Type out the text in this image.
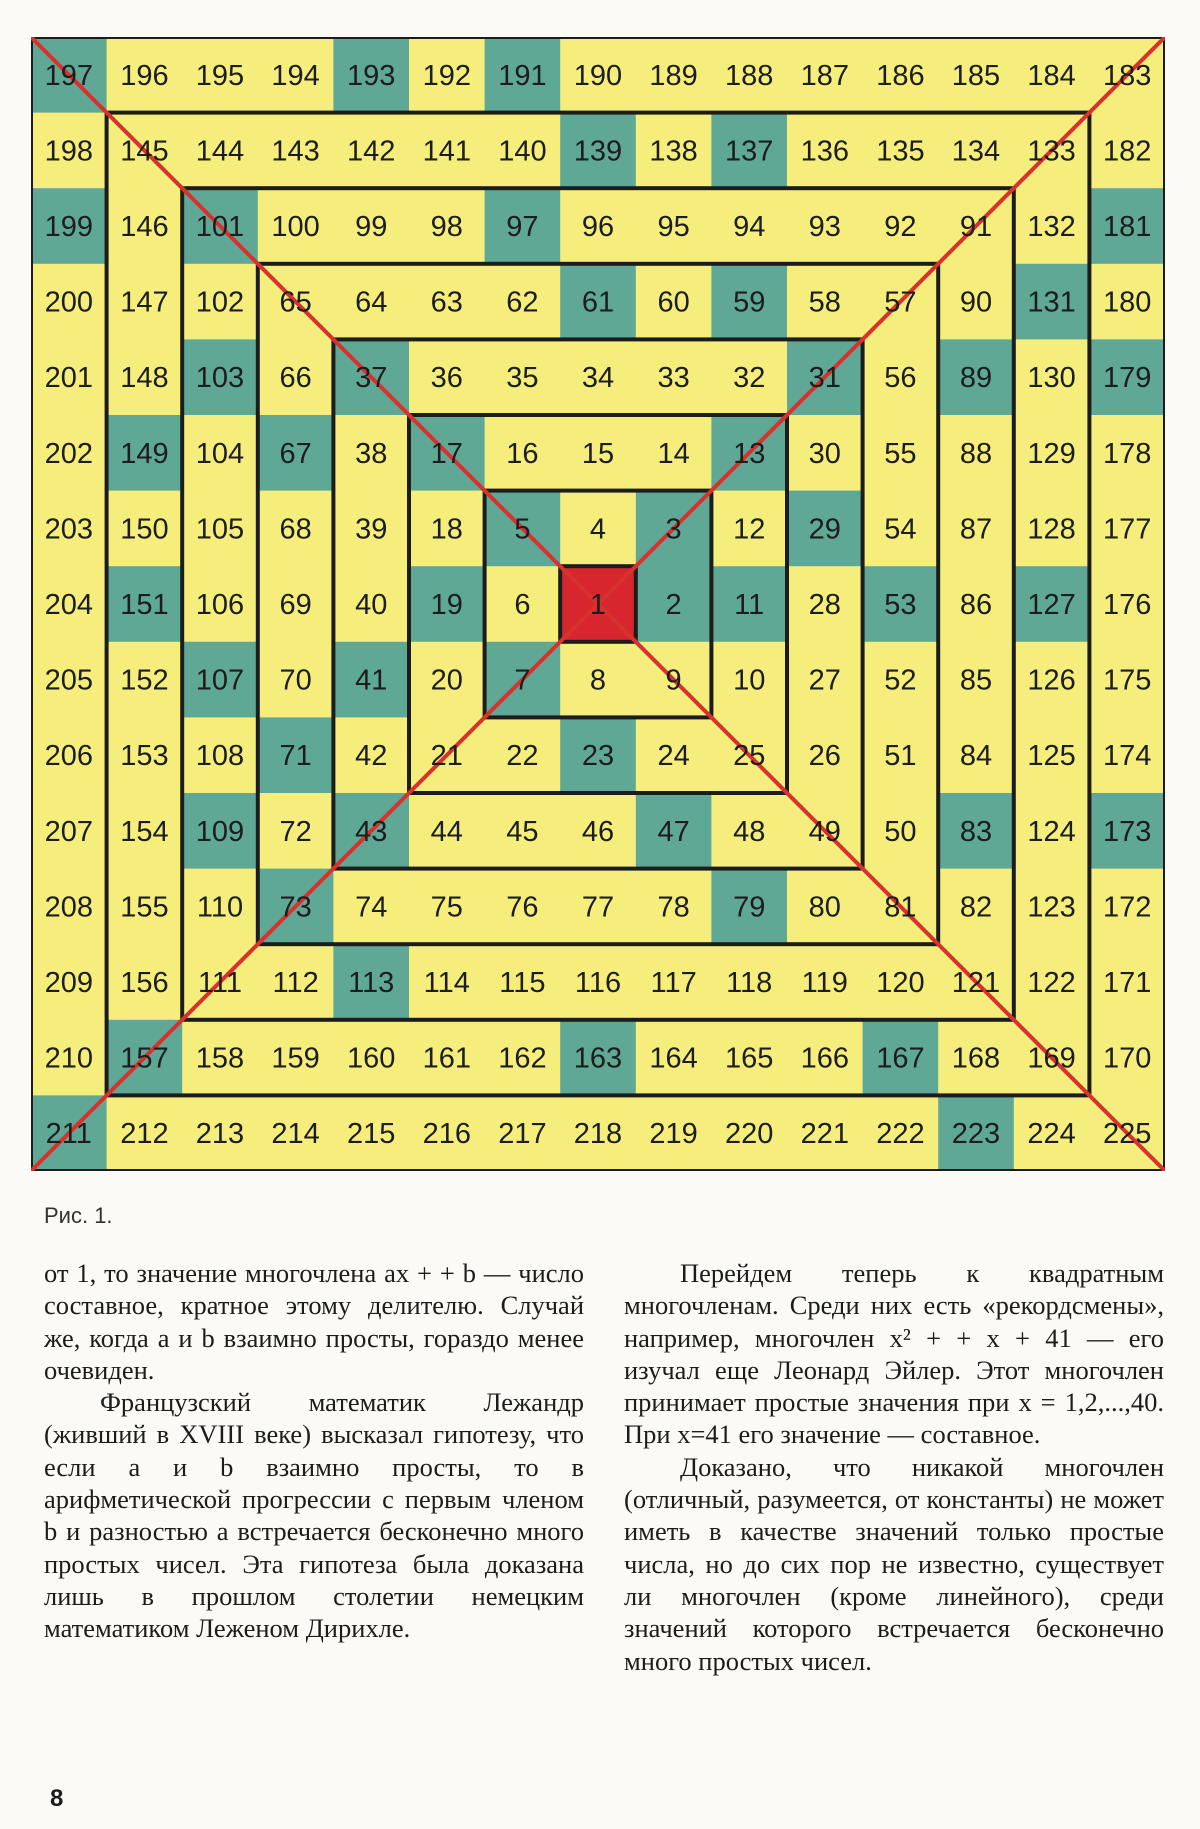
197 196 195 194 193 192 191 190 189 188 187 186 185 184 183
198 145 144 143 142 141 140 139 138 137 136 135 134 133 182
199 146 101 100 99 98 97 96 95 94 93 92 91 132 181
200 147 102 65 64 63 62 61 60 59 58 57 90 131 180
201 148 103 66 37 36 35 34 33 32 31 56 89 130 179
202 149 104 67 38 17 16 15 14 13 30 55 88 129 178
203 150 105 68 39 18 5 4 3 12 29 54 87 128 177
204 151 106 69 40 19 6 1 2 11 28 53 86 127 176
205 152 107 70 41 20 7 8 9 10 27 52 85 126 175
206 153 108 71 42 21 22 23 24 25 26 51 84 125 174
207 154 109 72 43 44 45 46 47 48 49 50 83 124 173
208 155 110 73 74 75 76 77 78 79 80 81 82 123 172
209 156 111 112 113 114 115 116 117 118 119 120 121 122 171
210 157 158 159 160 161 162 163 164 165 166 167 168 169 170
211 212 213 214 215 216 217 218 219 220 221 222 223 224 225
Рис. 1.

от 1, то значение многочлена ax + + b — число составное, кратное этому делителю. Случай же, когда a и b взаимно просты, гораздо менее очевиден.

Французский математик Лежандр (живший в XVIII веке) высказал гипотезу, что если a и b взаимно просты, то в арифметической прогрессии с первым членом b и разностью a встречается бесконечно много простых чисел. Эта гипотеза была доказана лишь в прошлом столетии немецким математиком Леженом Дирихле.

Перейдем теперь к квадратным многочленам. Среди них есть «рекордсмены», например, многочлен x² + + x + 41 — его изучал еще Леонард Эйлер. Этот многочлен принимает простые значения при x = 1,2,...,40. При x=41 его значение — составное.

Доказано, что никакой многочлен (отличный, разумеется, от константы) не может иметь в качестве значений только простые числа, но до сих пор не известно, существует ли многочлен (кроме линейного), среди значений которого встречается бесконечно много простых чисел.

8
